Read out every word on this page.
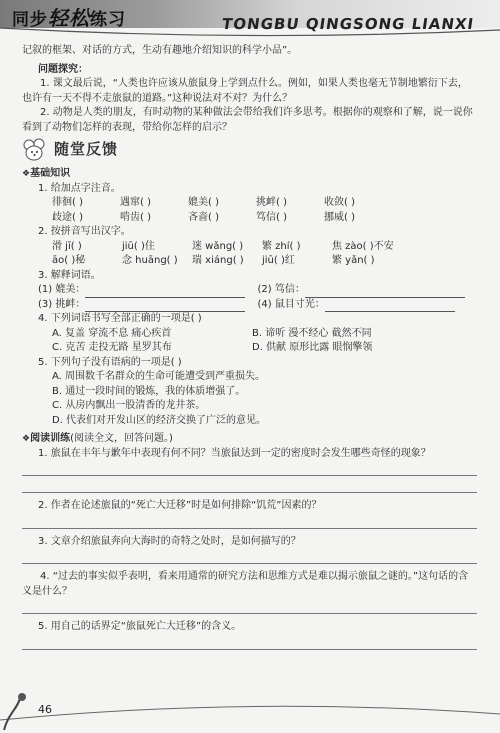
同步轻松练习	TONGBU QINGSONG LIANXI

记叙的框架、对话的方式，生动有趣地介绍知识的科学小品”。

问题探究：

1. 课文最后说，“人类也许应该从旅鼠身上学到点什么。例如，如果人类也毫无节制地繁衍下去，也许有一天不得不走旅鼠的道路。”这种说法对不对？为什么？

2. 动物是人类的朋友，有时动物的某种做法会带给我们许多思考。根据你的观察和了解，说一说你看到了动物们怎样的表现，带给你怎样的启示？

随堂反馈

❖基础知识

1. 给加点字注音。

徘徊( )	遇窜( )	媲美( )	挑衅( )	收敛( )
歧途( )	啃齿( )	吝啬( )	笃信( )	挪威( )

2. 按拼音写出汉字。

滑 jī( )	jiū( )住	迷 wǎng( )	繁 zhí( )	焦 zào( )不安
āo( )秘	念 huāng( )	瑞 xiáng( )	jiū( )红	繁 yǎn( )

3. 解释词语。

(1) 媲美：	(2) 笃信：
(3) 挑衅：	(4) 鼠目寸光：

4. 下列词语书写全部正确的一项是( )

A. 复盖 穿流不息 痛心疾首	B. 谛听 漫不经心 截然不同
C. 克苦 走投无路 星罗其布	D. 供献 原形比露 眼悯擎领

5. 下列句子没有语病的一项是( )

A. 周围数千名群众的生命可能遭受到严重损失。

B. 通过一段时间的锻炼，我的体质增强了。

C. 从房内飘出一股清香的龙井茶。

D. 代表们对开发山区的经济交换了广泛的意见。

❖阅读训练(阅读全文，回答问题。)

1. 旅鼠在丰年与歉年中表现有何不同？当旅鼠达到一定的密度时会发生哪些奇怪的现象？

2. 作者在论述旅鼠的“死亡大迁移”时是如何排除“饥荒”因素的？

3. 文章介绍旅鼠奔向大海时的奇特之处时，是如何描写的？

4. “过去的事实似乎表明，看来用通常的研究方法和思维方式是难以揭示旅鼠之谜的。”这句话的含义是什么？

5. 用自己的话界定“旅鼠死亡大迁移”的含义。

46
